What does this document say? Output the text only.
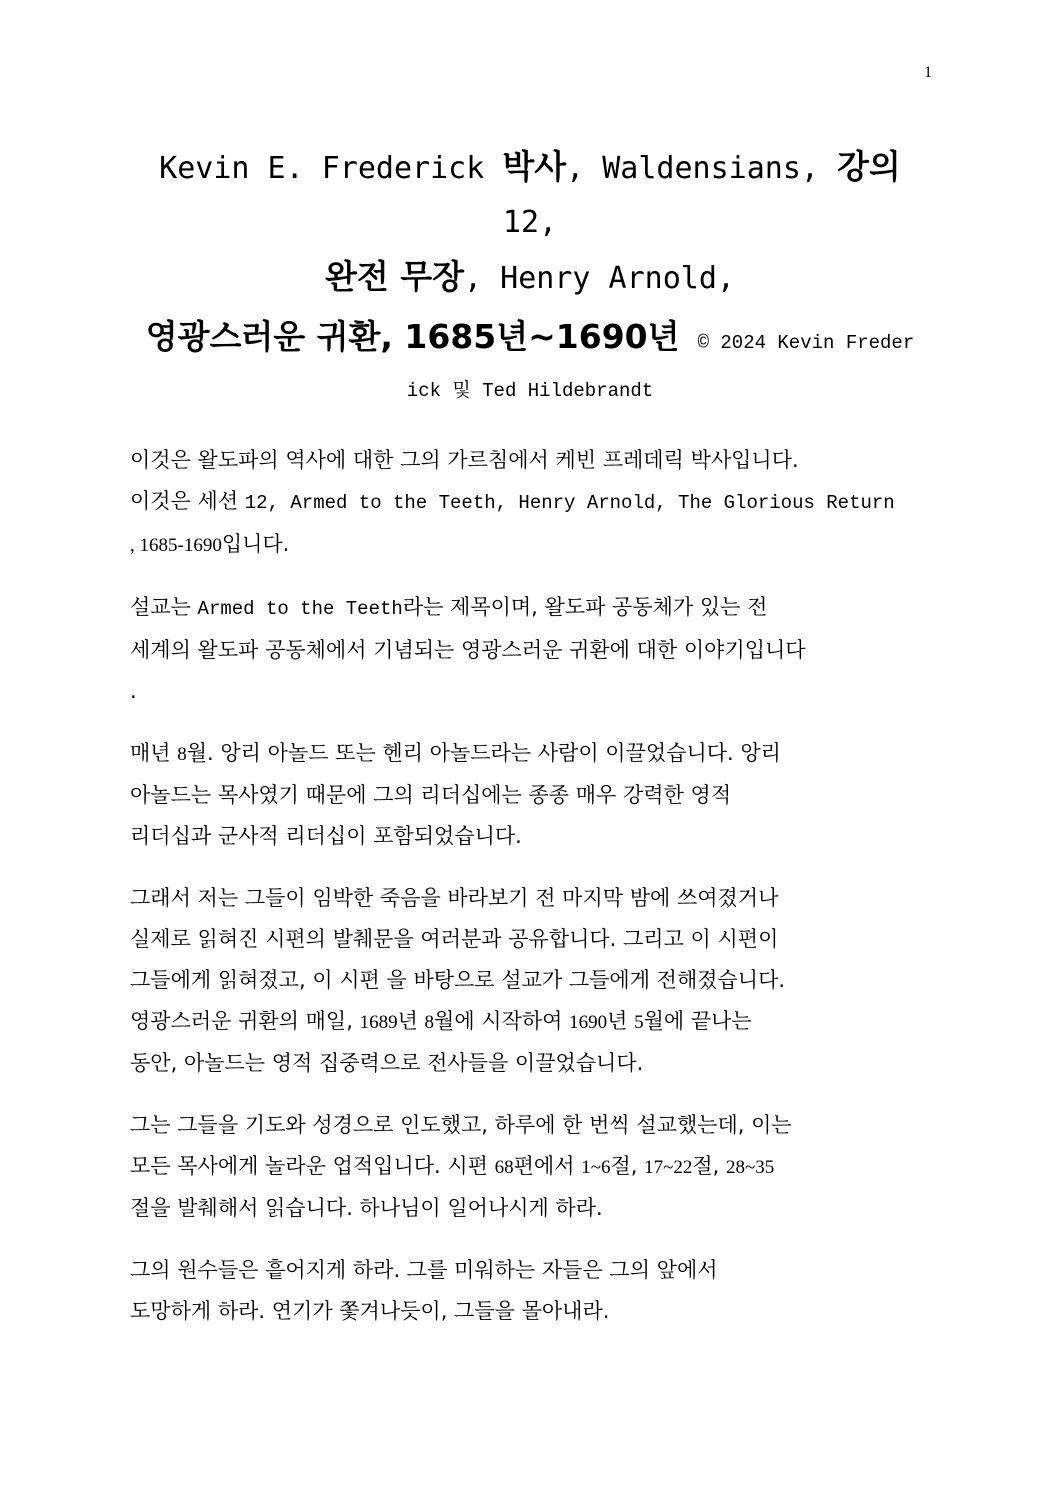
1
Kevin E. Frederick 박사, Waldensians, 강의
12,
완전 무장, Henry Arnold,
영광스러운 귀환, 1685년~1690년 © 2024 Kevin Freder
ick 및 Ted Hildebrandt
이것은 왈도파의 역사에 대한 그의 가르침에서 케빈 프레데릭 박사입니다.
이것은 세션 12, Armed to the Teeth, Henry Arnold, The Glorious Return
, 1685-1690입니다.
설교는 Armed to the Teeth라는 제목이며, 왈도파 공동체가 있는 전
세계의 왈도파 공동체에서 기념되는 영광스러운 귀환에 대한 이야기입니다
.
매년 8월. 앙리 아놀드 또는 헨리 아놀드라는 사람이 이끌었습니다. 앙리
아놀드는 목사였기 때문에 그의 리더십에는 종종 매우 강력한 영적
리더십과 군사적 리더십이 포함되었습니다.
그래서 저는 그들이 임박한 죽음을 바라보기 전 마지막 밤에 쓰여졌거나
실제로 읽혀진 시편의 발췌문을 여러분과 공유합니다. 그리고 이 시편이
그들에게 읽혀졌고, 이 시편 을 바탕으로 설교가 그들에게 전해졌습니다.
영광스러운 귀환의 매일, 1689년 8월에 시작하여 1690년 5월에 끝나는
동안, 아놀드는 영적 집중력으로 전사들을 이끌었습니다.
그는 그들을 기도와 성경으로 인도했고, 하루에 한 번씩 설교했는데, 이는
모든 목사에게 놀라운 업적입니다. 시편 68편에서 1~6절, 17~22절, 28~35
절을 발췌해서 읽습니다. 하나님이 일어나시게 하라.
그의 원수들은 흩어지게 하라. 그를 미워하는 자들은 그의 앞에서
도망하게 하라. 연기가 쫓겨나듯이, 그들을 몰아내라.
